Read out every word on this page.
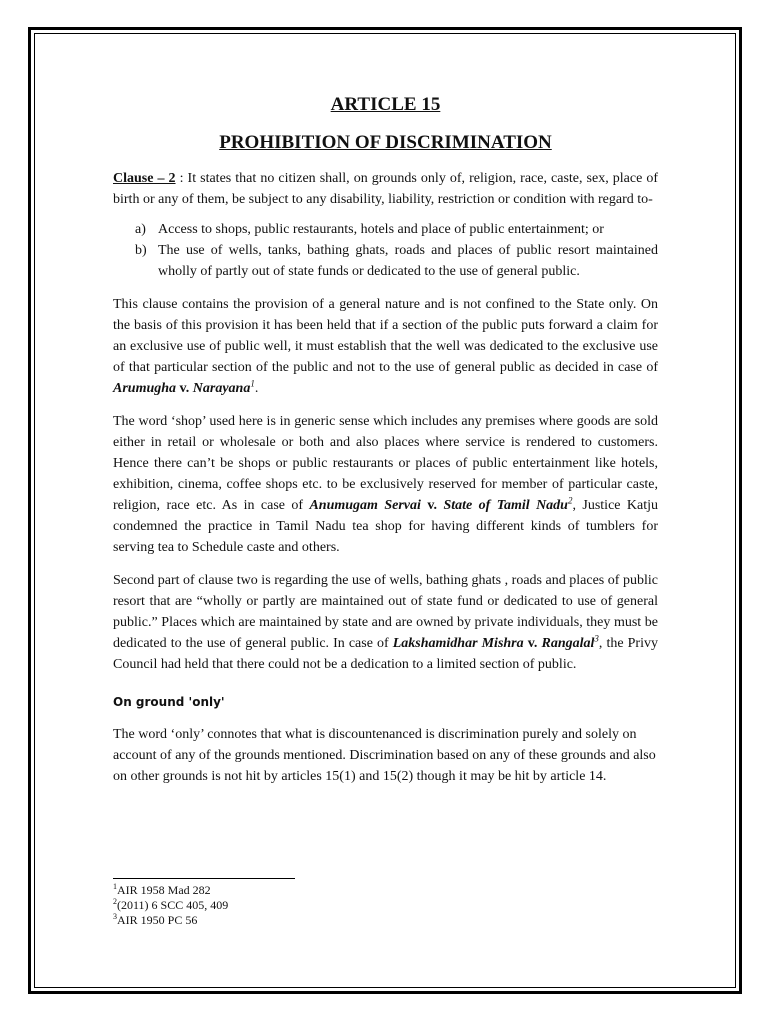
ARTICLE 15
PROHIBITION OF DISCRIMINATION

Clause – 2 : It states that no citizen shall, on grounds only of, religion, race, caste, sex, place of birth or any of them, be subject to any disability, liability, restriction or condition with regard to-

a) Access to shops, public restaurants, hotels and place of public entertainment; or
b) The use of wells, tanks, bathing ghats, roads and places of public resort maintained wholly of partly out of state funds or dedicated to the use of general public.

This clause contains the provision of a general nature and is not confined to the State only. On the basis of this provision it has been held that if a section of the public puts forward a claim for an exclusive use of public well, it must establish that the well was dedicated to the exclusive use of that particular section of the public and not to the use of general public as decided in case of Arumugha v. Narayana$^1$.

The word ‘shop’ used here is in generic sense which includes any premises where goods are sold either in retail or wholesale or both and also places where service is rendered to customers. Hence there can’t be shops or public restaurants or places of public entertainment like hotels, exhibition, cinema, coffee shops etc. to be exclusively reserved for member of particular caste, religion, race etc. As in case of Anumugam Servai v. State of Tamil Nadu$^2$, Justice Katju condemned the practice in Tamil Nadu tea shop for having different kinds of tumblers for serving tea to Schedule caste and others.

Second part of clause two is regarding the use of wells, bathing ghats , roads and places of public resort that are “wholly or partly are maintained out of state fund or dedicated to use of general public.” Places which are maintained by state and are owned by private individuals, they must be dedicated to the use of general public. In case of Lakshamidhar Mishra v. Rangalal$^3$, the Privy Council had held that there could not be a dedication to a limited section of public.

On ground 'only'

The word ‘only’ connotes that what is discountenanced is discrimination purely and solely on account of any of the grounds mentioned. Discrimination based on any of these grounds and also on other grounds is not hit by articles 15(1) and 15(2) though it may be hit by article 14.

$^1$AIR 1958 Mad 282
$^2$(2011) 6 SCC 405, 409
$^3$AIR 1950 PC 56
